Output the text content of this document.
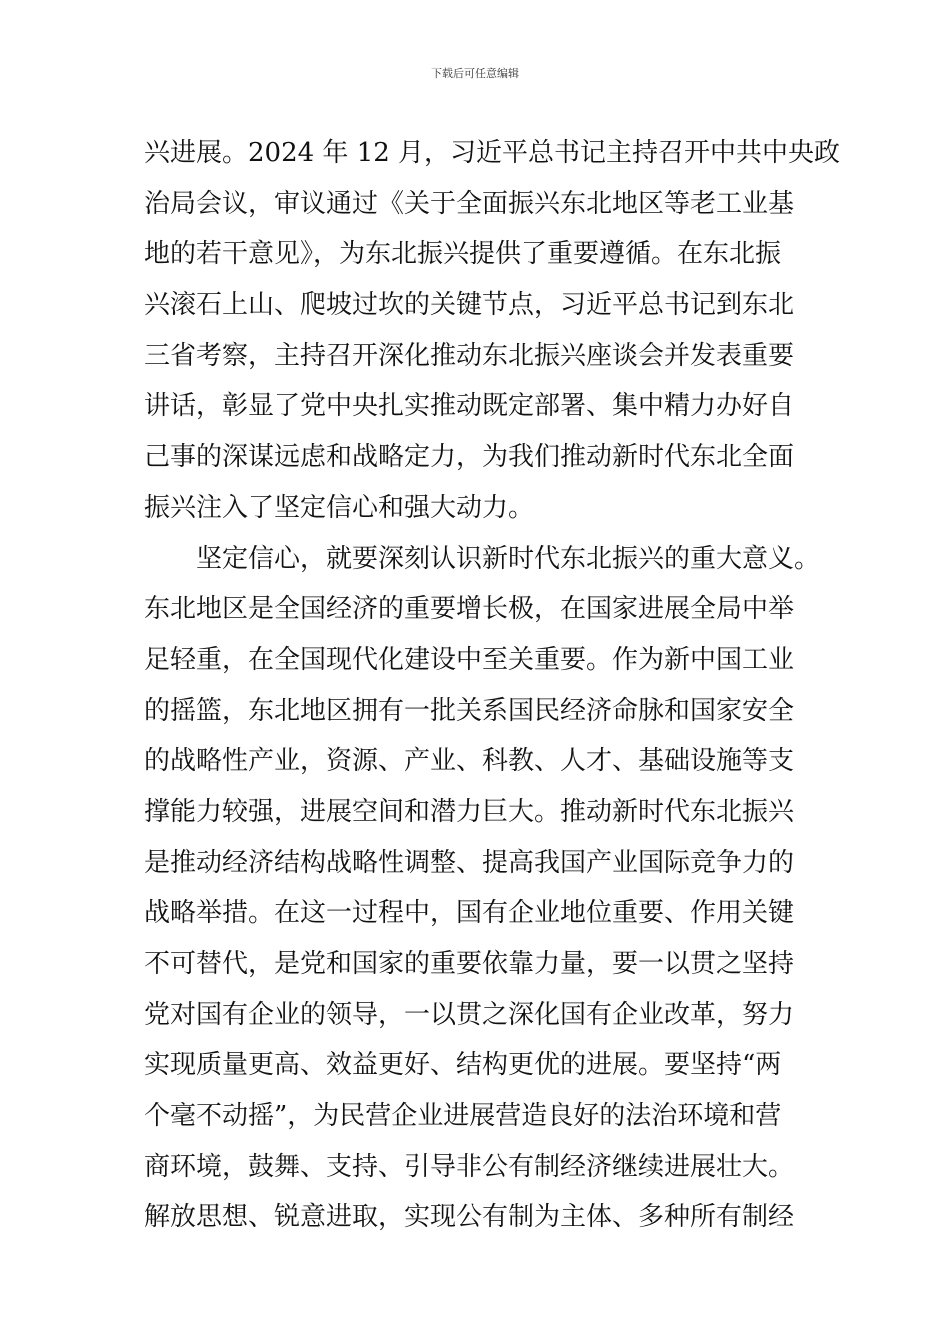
下载后可任意编辑
兴进展。2024 年 12 月，习近平总书记主持召开中共中央政
治局会议，审议通过《关于全面振兴东北地区等老工业基
地的若干意见》，为东北振兴提供了重要遵循。在东北振
兴滚石上山、爬坡过坎的关键节点，习近平总书记到东北
三省考察，主持召开深化推动东北振兴座谈会并发表重要
讲话，彰显了党中央扎实推动既定部署、集中精力办好自
己事的深谋远虑和战略定力，为我们推动新时代东北全面
振兴注入了坚定信心和强大动力。
坚定信心，就要深刻认识新时代东北振兴的重大意义。
东北地区是全国经济的重要增长极，在国家进展全局中举
足轻重，在全国现代化建设中至关重要。作为新中国工业
的摇篮，东北地区拥有一批关系国民经济命脉和国家安全
的战略性产业，资源、产业、科教、人才、基础设施等支
撑能力较强，进展空间和潜力巨大。推动新时代东北振兴
是推动经济结构战略性调整、提高我国产业国际竞争力的
战略举措。在这一过程中，国有企业地位重要、作用关键
不可替代，是党和国家的重要依靠力量，要一以贯之坚持
党对国有企业的领导，一以贯之深化国有企业改革，努力
实现质量更高、效益更好、结构更优的进展。要坚持“两
个毫不动摇”，为民营企业进展营造良好的法治环境和营
商环境，鼓舞、支持、引导非公有制经济继续进展壮大。
解放思想、锐意进取，实现公有制为主体、多种所有制经
